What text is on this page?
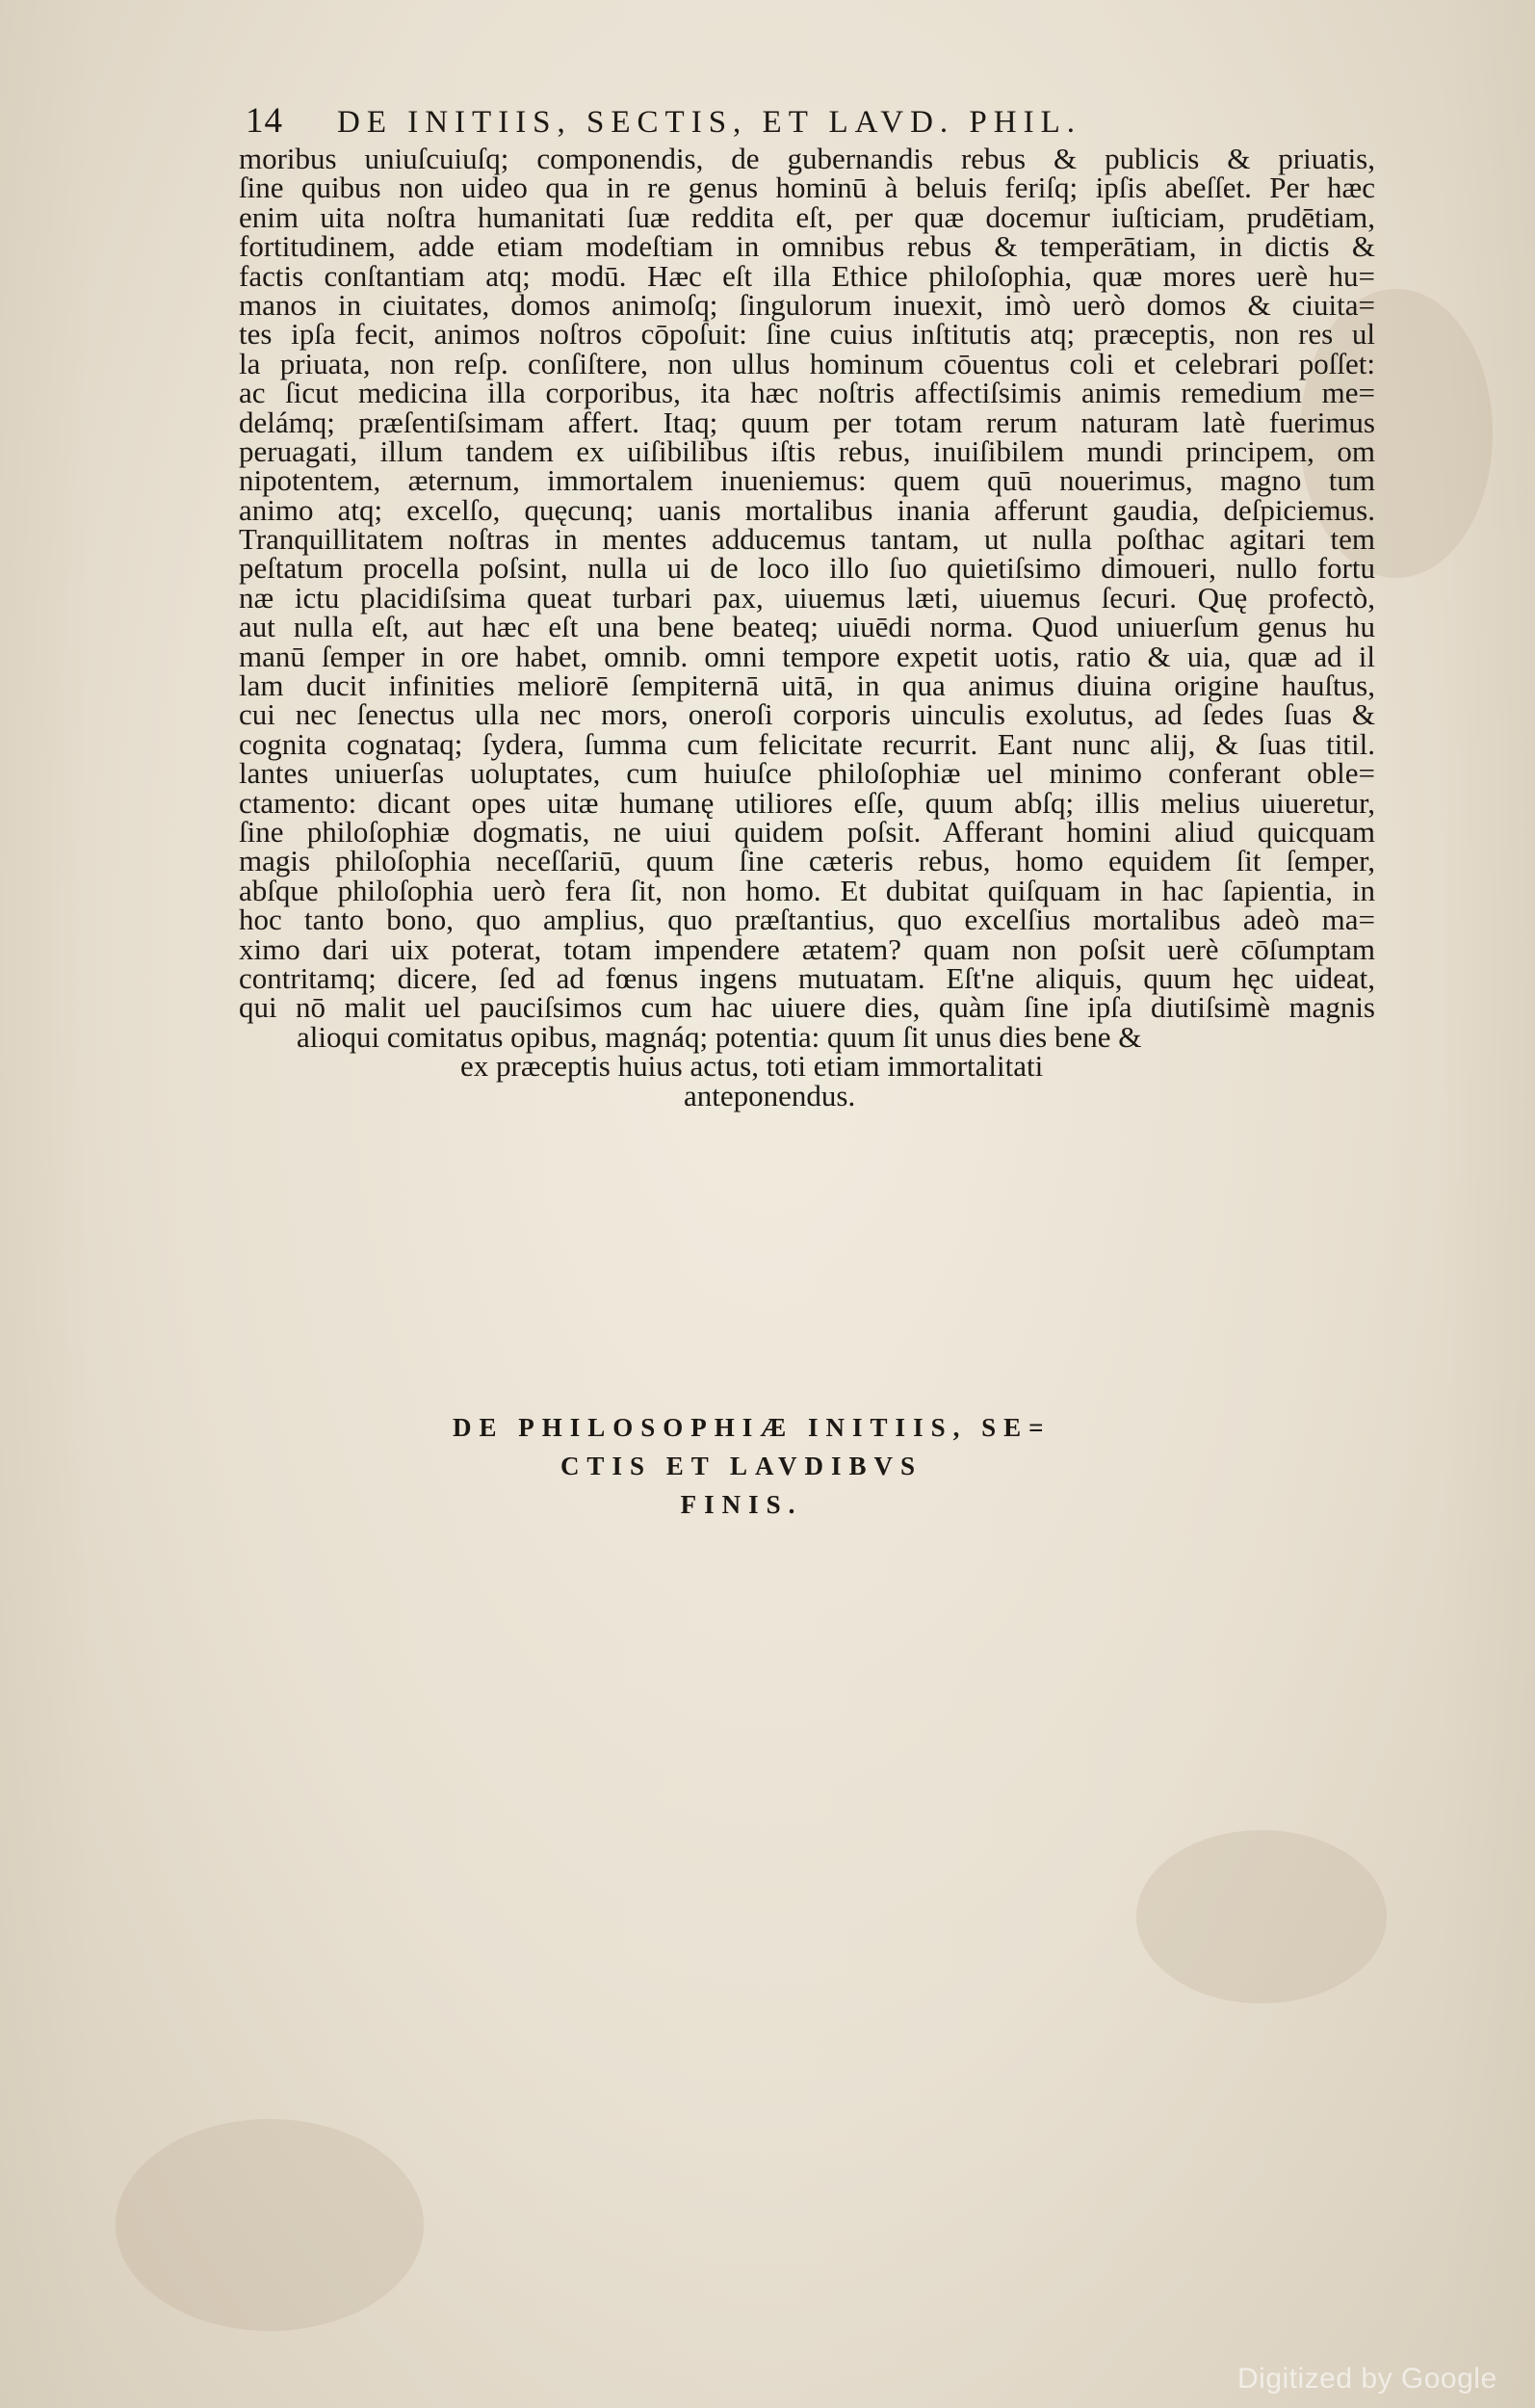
14 DE INITIIS, SECTIS, ET LAVD. PHIL.
moribus uniuſcuiuſq; componendis, de gubernandis rebus & publicis & priuatis,
ſine quibus non uideo qua in re genus hominū à beluis feriſq; ipſis abeſſet. Per hæc
enim uita noſtra humanitati ſuæ reddita eſt, per quæ docemur iuſticiam, prudētiam,
fortitudinem, adde etiam modeſtiam in omnibus rebus & temperātiam, in dictis &
factis conſtantiam atq; modū. Hæc eſt illa Ethice philoſophia, quæ mores uerè hu=
manos in ciuitates, domos animoſq; ſingulorum inuexit, imò uerò domos & ciuita=
tes ipſa fecit, animos noſtros cōpoſuit: ſine cuius inſtitutis atq; præceptis, non res ul
la priuata, non reſp. conſiſtere, non ullus hominum cōuentus coli et celebrari poſſet:
ac ſicut medicina illa corporibus, ita hæc noſtris affectiſsimis animis remedium me=
delámq; præſentiſsimam affert. Itaq; quum per totam rerum naturam latè fuerimus
peruagati, illum tandem ex uiſibilibus iſtis rebus, inuiſibilem mundi principem, om
nipotentem, æternum, immortalem inueniemus: quem quū nouerimus, magno tum
animo atq; excelſo, quęcunq; uanis mortalibus inania afferunt gaudia, deſpiciemus.
Tranquillitatem noſtras in mentes adducemus tantam, ut nulla poſthac agitari tem
peſtatum procella poſsint, nulla ui de loco illo ſuo quietiſsimo dimoueri, nullo fortu
næ ictu placidiſsima queat turbari pax, uiuemus læti, uiuemus ſecuri. Quę profectò,
aut nulla eſt, aut hæc eſt una bene beateq; uiuēdi norma. Quod uniuerſum genus hu
manū ſemper in ore habet, omnib. omni tempore expetit uotis, ratio & uia, quæ ad il
lam ducit infinities meliorē ſempiternā uitā, in qua animus diuina origine hauſtus,
cui nec ſenectus ulla nec mors, oneroſi corporis uinculis exolutus, ad ſedes ſuas &
cognita cognataq; ſydera, ſumma cum felicitate recurrit. Eant nunc alij, & ſuas titil.
lantes uniuerſas uoluptates, cum huiuſce philoſophiæ uel minimo conferant oble=
ctamento: dicant opes uitæ humanę utiliores eſſe, quum abſq; illis melius uiueretur,
ſine philoſophiæ dogmatis, ne uiui quidem poſsit. Afferant homini aliud quicquam
magis philoſophia neceſſariū, quum ſine cæteris rebus, homo equidem ſit ſemper,
abſque philoſophia uerò fera ſit, non homo. Et dubitat quiſquam in hac ſapientia, in
hoc tanto bono, quo amplius, quo præſtantius, quo excelſius mortalibus adeò ma=
ximo dari uix poterat, totam impendere ætatem? quam non poſsit uerè cōſumptam
contritamq; dicere, ſed ad fœnus ingens mutuatam. Eſt'ne aliquis, quum hęc uideat,
qui nō malit uel pauciſsimos cum hac uiuere dies, quàm ſine ipſa diutiſsimè magnis
alioqui comitatus opibus, magnáq; potentia: quum ſit unus dies bene &
ex præceptis huius actus, toti etiam immortalitati
anteponendus.
DE PHILOSOPHIÆ INITIIS, SE=
CTIS ET LAVDIBVS
FINIS.
Digitized by Google
